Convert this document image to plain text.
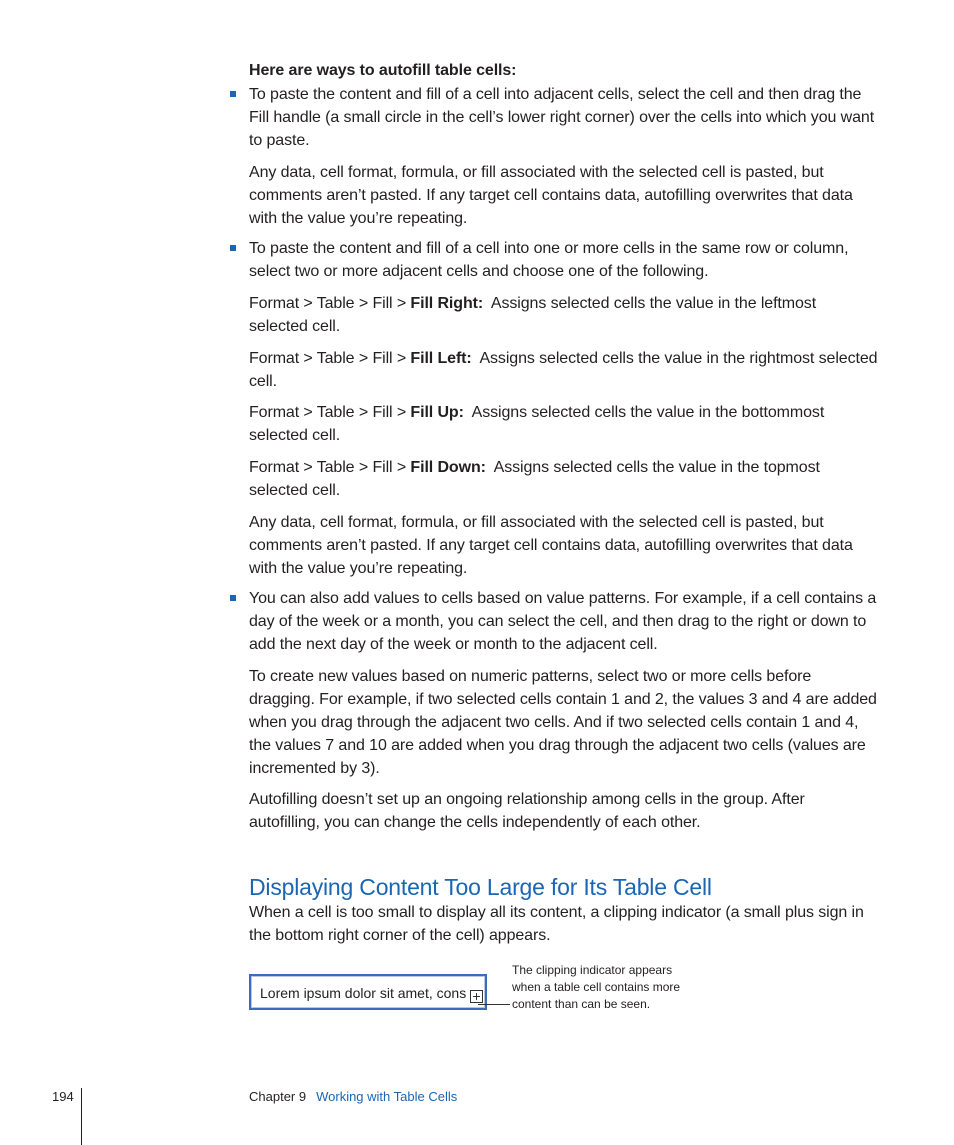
Here are ways to autofill table cells:
To paste the content and fill of a cell into adjacent cells, select the cell and then drag the Fill handle (a small circle in the cell’s lower right corner) over the cells into which you want to paste.
Any data, cell format, formula, or fill associated with the selected cell is pasted, but comments aren’t pasted. If any target cell contains data, autofilling overwrites that data with the value you’re repeating.
To paste the content and fill of a cell into one or more cells in the same row or column, select two or more adjacent cells and choose one of the following.
Format > Table > Fill > Fill Right: Assigns selected cells the value in the leftmost selected cell.
Format > Table > Fill > Fill Left: Assigns selected cells the value in the rightmost selected cell.
Format > Table > Fill > Fill Up: Assigns selected cells the value in the bottommost selected cell.
Format > Table > Fill > Fill Down: Assigns selected cells the value in the topmost selected cell.
Any data, cell format, formula, or fill associated with the selected cell is pasted, but comments aren’t pasted. If any target cell contains data, autofilling overwrites that data with the value you’re repeating.
You can also add values to cells based on value patterns. For example, if a cell contains a day of the week or a month, you can select the cell, and then drag to the right or down to add the next day of the week or month to the adjacent cell.
To create new values based on numeric patterns, select two or more cells before dragging. For example, if two selected cells contain 1 and 2, the values 3 and 4 are added when you drag through the adjacent two cells. And if two selected cells contain 1 and 4, the values 7 and 10 are added when you drag through the adjacent two cells (values are incremented by 3).
Autofilling doesn’t set up an ongoing relationship among cells in the group. After autofilling, you can change the cells independently of each other.
Displaying Content Too Large for Its Table Cell
When a cell is too small to display all its content, a clipping indicator (a small plus sign in the bottom right corner of the cell) appears.
Lorem ipsum dolor sit amet, cons
The clipping indicator appears when a table cell contains more content than can be seen.
194	Chapter 9 Working with Table Cells
